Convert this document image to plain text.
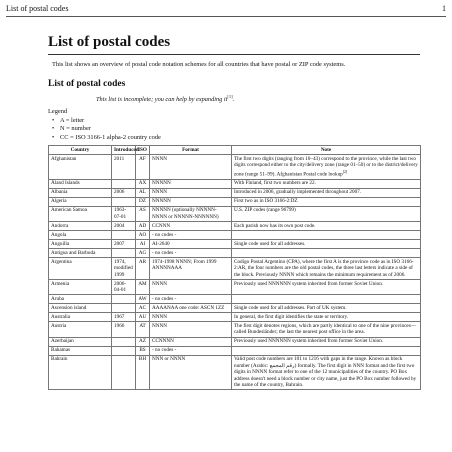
List of postal codes	1
List of postal codes

This list shows an overview of postal code notation schemes for all countries that have postal or ZIP code systems.

List of postal codes

This list is incomplete; you can help by expanding it[1].

Legend
• A = letter
• N = number
• CC = ISO 3166-1 alpha-2 country code
Country	Introduced	ISO	Format	Note
Afghanistan	2011	AF	NNNN	The first two digits (ranging from 10–43) correspond to the province, while the last two digits correspond either to the city/delivery zone (range 01–50) or to the district/delivery zone (range 51–99). Afghanistan Postal code lookup[2]
Åland Islands		AX	NNNNN	With Finland, first two numbers are 22.
Albania	2006	AL	NNNN	Introduced in 2006, gradually implemented throughout 2007.
Algeria		DZ	NNNNN	First two as in ISO 3166-2:DZ
American Samoa	1963-07-01	AS	NNNNN (optionally NNNNN-NNNN or NNNNN-NNNNNN)	U.S. ZIP codes (range 96799)
Andorra	2004	AD	CCNNN	Each parish now has its own post code.
Angola		AO	- no codes -	
Anguilla	2007	AI	AI-2640	Single code used for all addresses.
Antigua and Barbuda		AG	- no codes -	
Argentina	1974, modified 1999	AR	1974-1998 NNNN; From 1999 ANNNNAAA	Codigo Postal Argentino (CPA), where the first A is the province code as in ISO 3166-2:AR, the four numbers are the old postal codes, the three last letters indicate a side of the block. Previously NNNN which remains the minimum requirement as of 2006.
Armenia	2006-04-01	AM	NNNN	Previously used NNNNNN system inherited from former Soviet Union.
Aruba		AW	- no codes -	
Ascension island		AC	AAAANAA one code: ASCN 1ZZ	Single code used for all addresses. Part of UK system.
Australia	1967	AU	NNNN	In general, the first digit identifies the state or territory.
Austria	1966	AT	NNNN	The first digit denotes regions, which are partly identical to one of the nine provinces—called Bundesländer; the last the nearest post office in the area.
Azerbaijan		AZ	CCNNNN	Previously used NNNNNN system inherited from former Soviet Union.
Bahamas		BS	- no codes -	
Bahrain		BH	NNN or NNNN	Valid post code numbers are 101 to 1216 with gaps in the range. Known as block number (Arabic: رقم المجمع) formally. The first digit in NNN format and the first two digits in NNNN format refer to one of the 12 municipalities of the country. PO Box address doesn't need a block number or city name, just the PO Box number followed by the name of the country, Bahrain.
